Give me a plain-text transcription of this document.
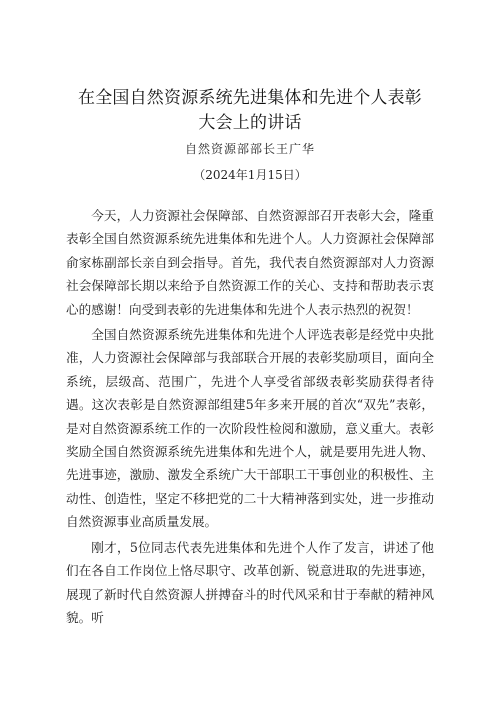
在全国自然资源系统先进集体和先进个人表彰
大会上的讲话
自然资源部部长王广华
（2024年1月15日）

今天，人力资源社会保障部、自然资源部召开表彰大会，隆重表彰全国自然资源系统先进集体和先进个人。人力资源社会保障部俞家栋副部长亲自到会指导。首先，我代表自然资源部对人力资源社会保障部长期以来给予自然资源工作的关心、支持和帮助表示衷心的感谢！向受到表彰的先进集体和先进个人表示热烈的祝贺！

全国自然资源系统先进集体和先进个人评选表彰是经党中央批准，人力资源社会保障部与我部联合开展的表彰奖励项目，面向全系统，层级高、范围广，先进个人享受省部级表彰奖励获得者待遇。这次表彰是自然资源部组建5年多来开展的首次“双先”表彰，是对自然资源系统工作的一次阶段性检阅和激励，意义重大。表彰奖励全国自然资源系统先进集体和先进个人，就是要用先进人物、先进事迹，激励、激发全系统广大干部职工干事创业的积极性、主动性、创造性，坚定不移把党的二十大精神落到实处，进一步推动自然资源事业高质量发展。

刚才，5位同志代表先进集体和先进个人作了发言，讲述了他们在各自工作岗位上恪尽职守、改革创新、锐意进取的先进事迹，展现了新时代自然资源人拼搏奋斗的时代风采和甘于奉献的精神风貌。听
